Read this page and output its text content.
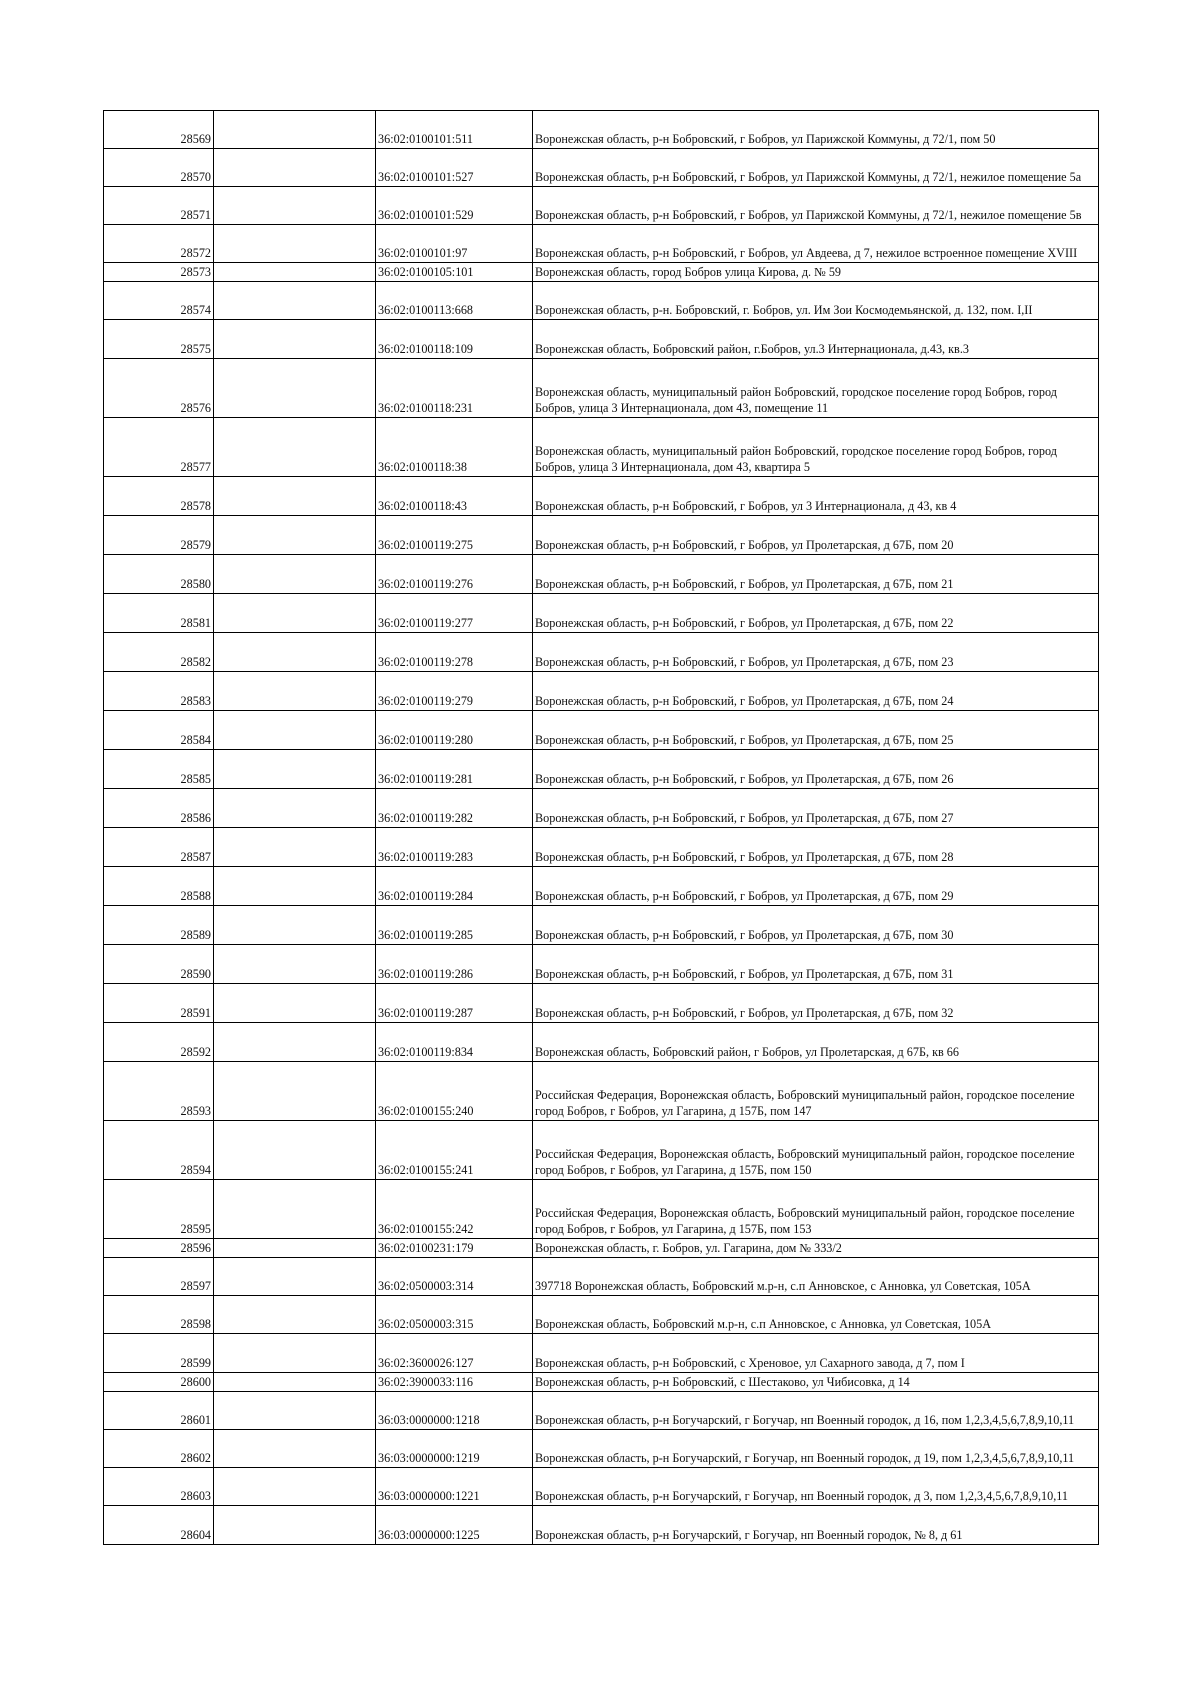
28569		36:02:0100101:511	Воронежская область, р-н Бобровский, г Бобров, ул Парижской Коммуны, д 72/1, пом 50
28570		36:02:0100101:527	Воронежская область, р-н Бобровский, г Бобров, ул Парижской Коммуны, д 72/1, нежилое помещение 5а
28571		36:02:0100101:529	Воронежская область, р-н Бобровский, г Бобров, ул Парижской Коммуны, д 72/1, нежилое помещение 5в
28572		36:02:0100101:97	Воронежская область, р-н Бобровский, г Бобров, ул Авдеева, д 7, нежилое встроенное помещение XVIII
28573		36:02:0100105:101	Воронежская область, город Бобров улица Кирова, д. № 59
28574		36:02:0100113:668	Воронежская область, р-н. Бобровский, г. Бобров, ул. Им Зои Космодемьянской, д. 132, пом. I,II
28575		36:02:0100118:109	Воронежская область, Бобровский район, г.Бобров, ул.3 Интернационала, д.43, кв.3
28576		36:02:0100118:231	Воронежская область, муниципальный район Бобровский, городское поселение город Бобров, город Бобров, улица 3 Интернационала, дом 43, помещение 11
28577		36:02:0100118:38	Воронежская область, муниципальный район Бобровский, городское поселение город Бобров, город Бобров, улица 3 Интернационала, дом 43, квартира 5
28578		36:02:0100118:43	Воронежская область, р-н Бобровский, г Бобров, ул 3 Интернационала, д 43, кв 4
28579		36:02:0100119:275	Воронежская область, р-н Бобровский, г Бобров, ул Пролетарская, д 67Б, пом 20
28580		36:02:0100119:276	Воронежская область, р-н Бобровский, г Бобров, ул Пролетарская, д 67Б, пом 21
28581		36:02:0100119:277	Воронежская область, р-н Бобровский, г Бобров, ул Пролетарская, д 67Б, пом 22
28582		36:02:0100119:278	Воронежская область, р-н Бобровский, г Бобров, ул Пролетарская, д 67Б, пом 23
28583		36:02:0100119:279	Воронежская область, р-н Бобровский, г Бобров, ул Пролетарская, д 67Б, пом 24
28584		36:02:0100119:280	Воронежская область, р-н Бобровский, г Бобров, ул Пролетарская, д 67Б, пом 25
28585		36:02:0100119:281	Воронежская область, р-н Бобровский, г Бобров, ул Пролетарская, д 67Б, пом 26
28586		36:02:0100119:282	Воронежская область, р-н Бобровский, г Бобров, ул Пролетарская, д 67Б, пом 27
28587		36:02:0100119:283	Воронежская область, р-н Бобровский, г Бобров, ул Пролетарская, д 67Б, пом 28
28588		36:02:0100119:284	Воронежская область, р-н Бобровский, г Бобров, ул Пролетарская, д 67Б, пом 29
28589		36:02:0100119:285	Воронежская область, р-н Бобровский, г Бобров, ул Пролетарская, д 67Б, пом 30
28590		36:02:0100119:286	Воронежская область, р-н Бобровский, г Бобров, ул Пролетарская, д 67Б, пом 31
28591		36:02:0100119:287	Воронежская область, р-н Бобровский, г Бобров, ул Пролетарская, д 67Б, пом 32
28592		36:02:0100119:834	Воронежская область, Бобровский район, г Бобров, ул Пролетарская, д 67Б, кв 66
28593		36:02:0100155:240	Российская Федерация, Воронежская область, Бобровский муниципальный район, городское поселение город Бобров, г Бобров, ул Гагарина, д 157Б, пом 147
28594		36:02:0100155:241	Российская Федерация, Воронежская область, Бобровский муниципальный район, городское поселение город Бобров, г Бобров, ул Гагарина, д 157Б, пом 150
28595		36:02:0100155:242	Российская Федерация, Воронежская область, Бобровский муниципальный район, городское поселение город Бобров, г Бобров, ул Гагарина, д 157Б, пом 153
28596		36:02:0100231:179	Воронежская область, г. Бобров, ул. Гагарина, дом № 333/2
28597		36:02:0500003:314	397718 Воронежская область, Бобровский м.р-н, с.п Анновское, с Анновка, ул Советская, 105А
28598		36:02:0500003:315	Воронежская область, Бобровский м.р-н, с.п Анновское, с Анновка, ул Советская, 105А
28599		36:02:3600026:127	Воронежская область, р-н Бобровский, с Хреновое, ул Сахарного завода, д 7, пом I
28600		36:02:3900033:116	Воронежская область, р-н Бобровский, с Шестаково, ул Чибисовка, д 14
28601		36:03:0000000:1218	Воронежская область, р-н Богучарский, г Богучар, нп Военный городок, д 16, пом 1,2,3,4,5,6,7,8,9,10,11
28602		36:03:0000000:1219	Воронежская область, р-н Богучарский, г Богучар, нп Военный городок, д 19, пом 1,2,3,4,5,6,7,8,9,10,11
28603		36:03:0000000:1221	Воронежская область, р-н Богучарский, г Богучар, нп Военный городок, д 3, пом 1,2,3,4,5,6,7,8,9,10,11
28604		36:03:0000000:1225	Воронежская область, р-н Богучарский, г Богучар, нп Военный городок, № 8, д 61
